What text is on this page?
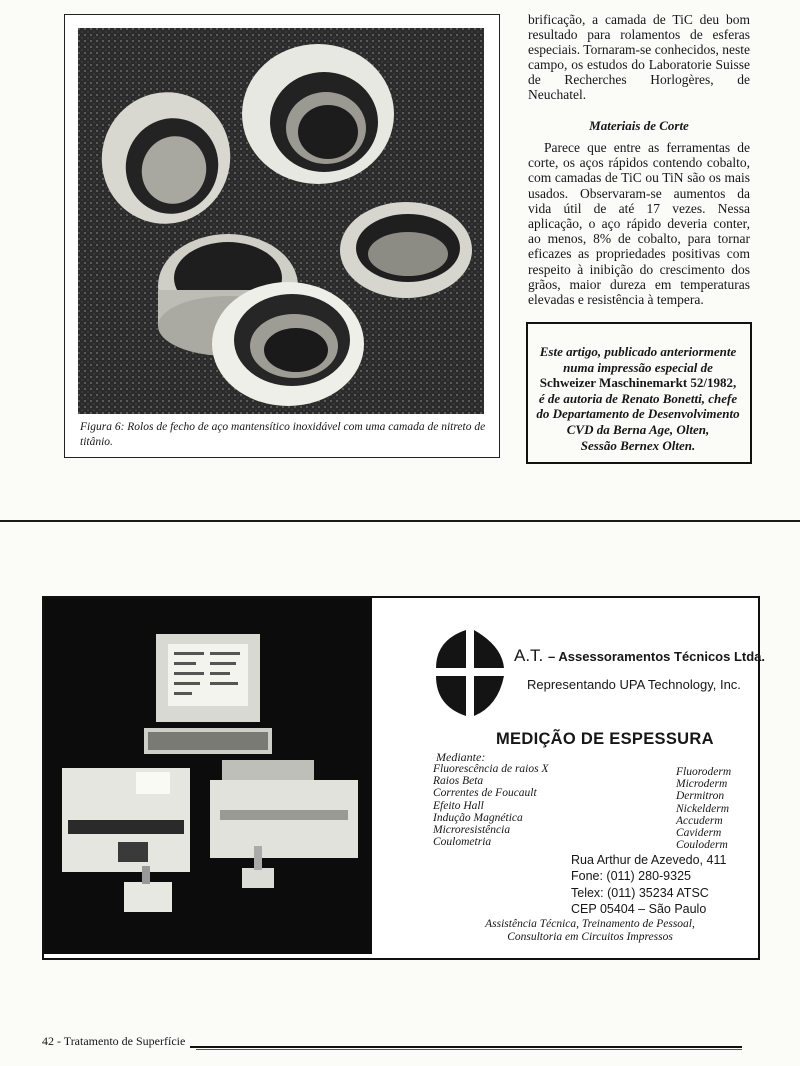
Figura 6: Rolos de fecho de aço mantensítico inoxidável com uma camada de nitreto de titânio.
brificação, a camada de TiC deu bom resultado para rolamentos de esferas especiais. Tornaram-se conhecidos, neste campo, os estudos do Laboratorie Suisse de Recherches Horlogères, de Neuchatel.
Materiais de Corte
Parece que entre as ferramentas de corte, os aços rápidos contendo cobalto, com camadas de TiC ou TiN são os mais usados. Observaram-se aumentos da vida útil de até 17 vezes. Nessa aplicação, o aço rápido deveria conter, ao menos, 8% de cobalto, para tornar eficazes as propriedades positivas com respeito à inibição do crescimento dos grãos, maior dureza em temperaturas elevadas e resistência à tempera.
Este artigo, publicado anteriormente
numa impressão especial de
Schweizer Maschinemarkt 52/1982,
é de autoria de Renato Bonetti, chefe
do Departamento de Desenvolvimento
CVD da Berna Age, Olten,
Sessão Bernex Olten.
A.T. – Assessoramentos Técnicos Ltda.
Representando UPA Technology, Inc.
MEDIÇÃO DE ESPESSURA
Mediante:
Fluorescência de raios X
Raios Beta
Correntes de Foucault
Efeito Hall
Indução Magnética
Microresistência
Coulometria
Fluoroderm
Microderm
Dermitron
Nickelderm
Accuderm
Caviderm
Couloderm
Rua Arthur de Azevedo, 411
Fone: (011) 280-9325
Telex: (011) 35234 ATSC
CEP 05404 – São Paulo
Assistência Técnica, Treinamento de Pessoal,
Consultoria em Circuitos Impressos
42 - Tratamento de Superfície
